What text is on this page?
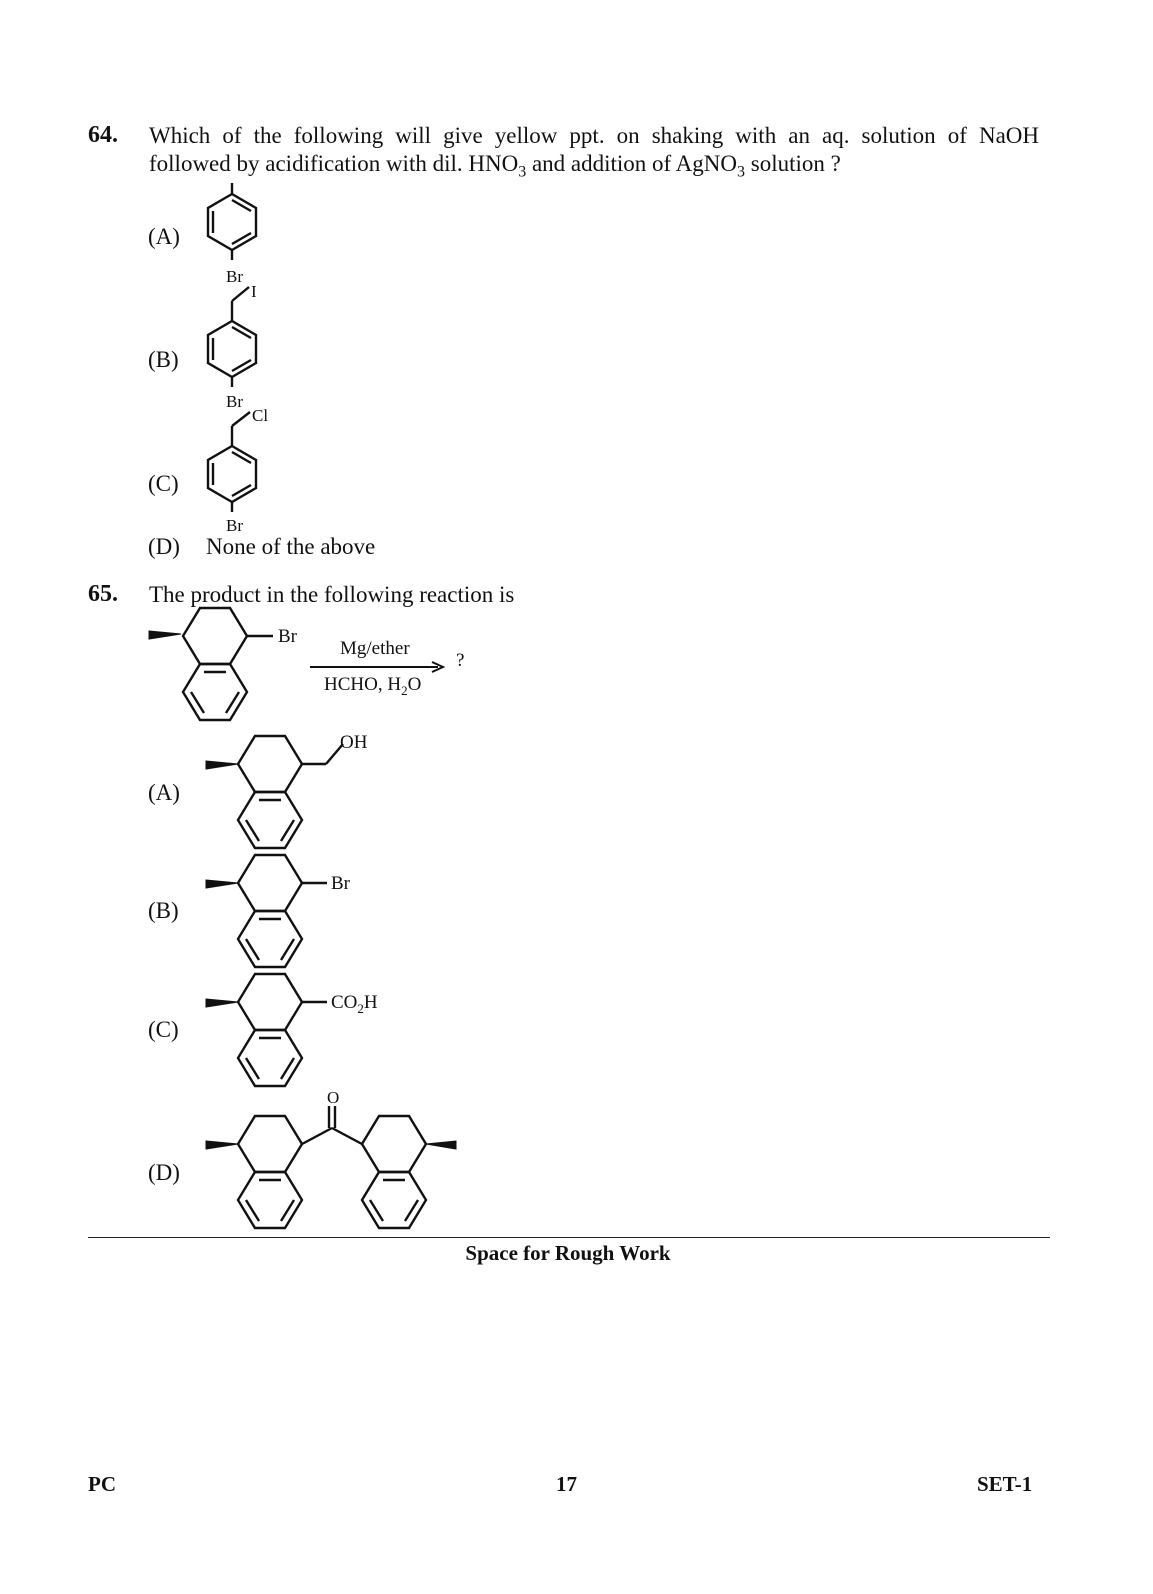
64. Which of the following will give yellow ppt. on shaking with an aq. solution of NaOH
followed by acidification with dil. $HNO_3$ and addition of AgNO$_3$ solution ?
(A)
Br
(B)
I
Br
(C)
Cl
Br
(D) None of the above
65. The product in the following reaction is
Br
Mg/ether
HCHO, $H_2O$
?
(A)
OH
(B)
Br
(C)
$CO_2H$
(D)
O
Space for Rough Work
PC	17	SET-1
